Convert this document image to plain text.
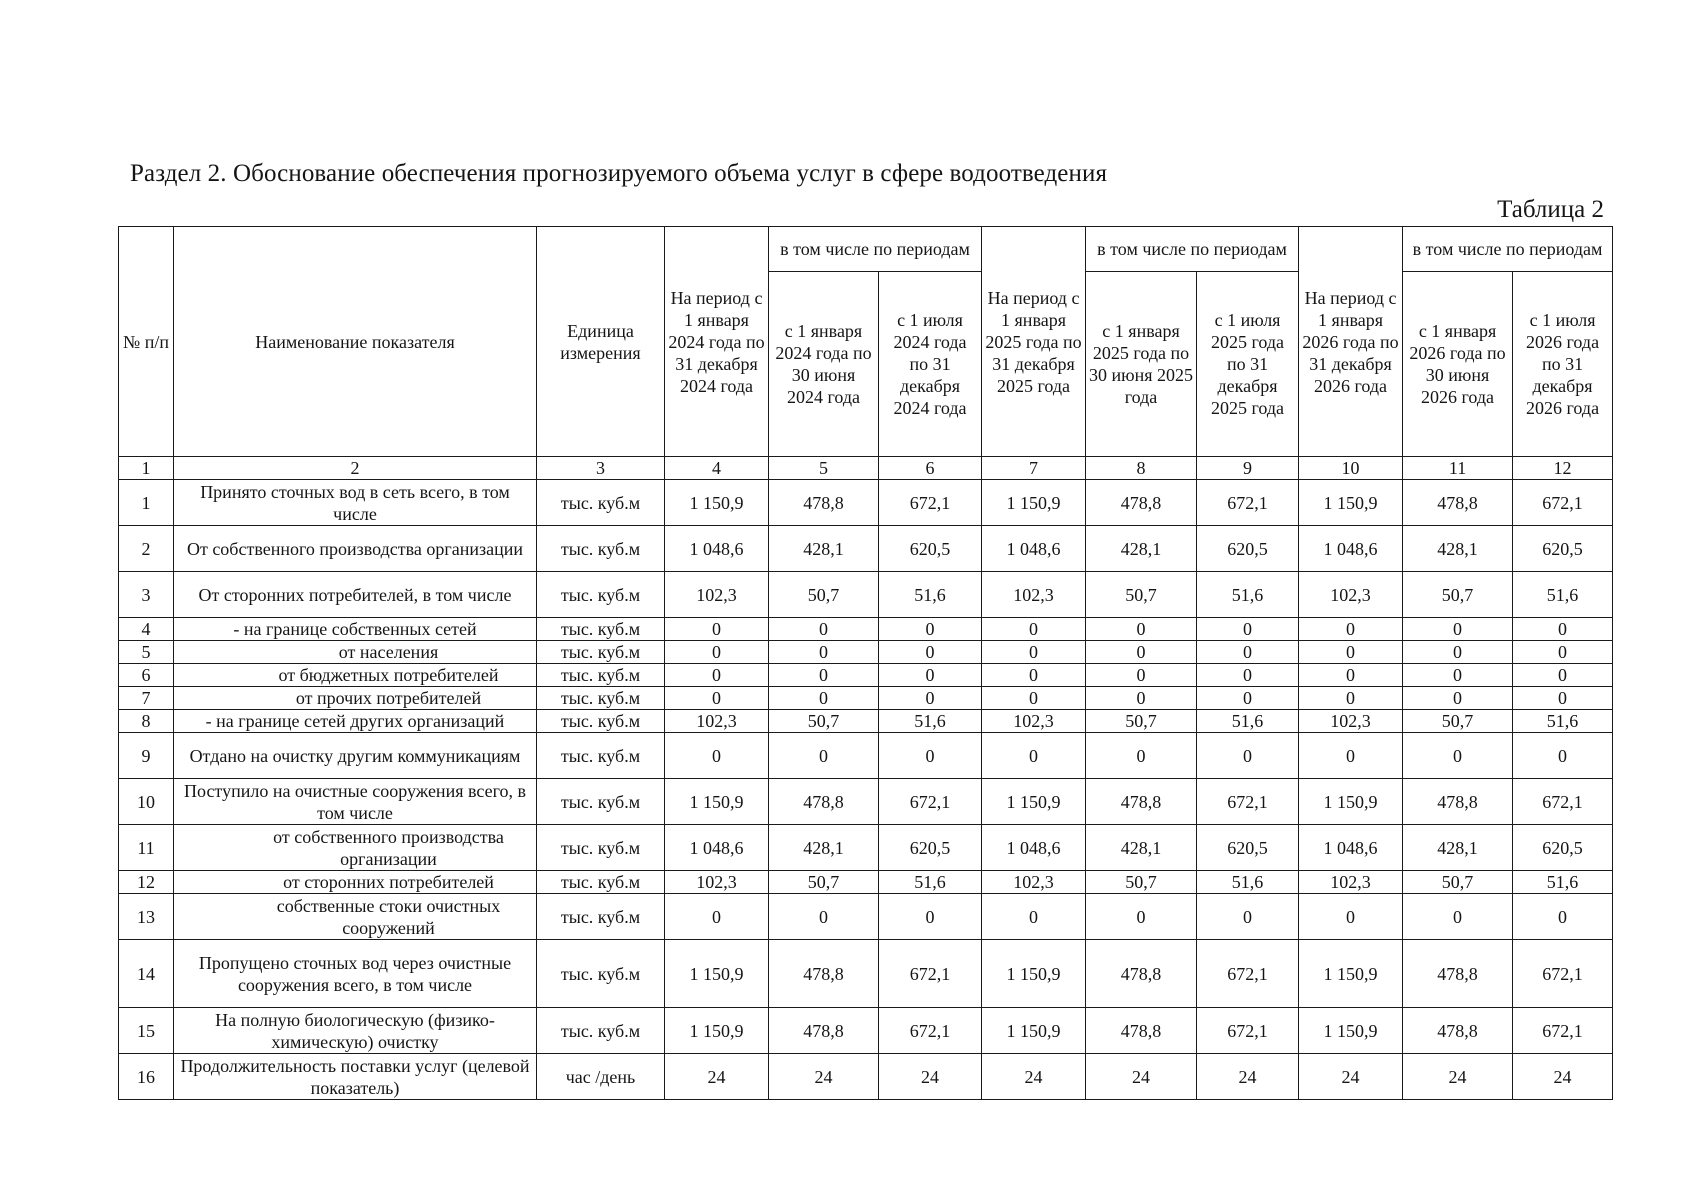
Раздел 2. Обоснование обеспечения прогнозируемого объема услуг в сфере водоотведения
Таблица 2
№ п/п	Наименование показателя	Единица измерения	На период с 1 января 2024 года по 31 декабря 2024 года	в том числе по периодам		На период с 1 января 2025 года по 31 декабря 2025 года	в том числе по периодам		На период с 1 января 2026 года по 31 декабря 2026 года	в том числе по периодам	
				с 1 января 2024 года по 30 июня 2024 года	с 1 июля 2024 года по 31 декабря 2024 года		с 1 января 2025 года по 30 июня 2025 года	с 1 июля 2025 года по 31 декабря 2025 года		с 1 января 2026 года по 30 июня 2026 года	с 1 июля 2026 года по 31 декабря 2026 года
1	2	3	4	5	6	7	8	9	10	11	12
1	Принято сточных вод в сеть всего, в том числе	тыс. куб.м	1 150,9	478,8	672,1	1 150,9	478,8	672,1	1 150,9	478,8	672,1
2	От собственного производства организации	тыс. куб.м	1 048,6	428,1	620,5	1 048,6	428,1	620,5	1 048,6	428,1	620,5
3	От сторонних потребителей, в том числе	тыс. куб.м	102,3	50,7	51,6	102,3	50,7	51,6	102,3	50,7	51,6
4	- на границе собственных сетей	тыс. куб.м	0	0	0	0	0	0	0	0	0
5	от населения	тыс. куб.м	0	0	0	0	0	0	0	0	0
6	от бюджетных потребителей	тыс. куб.м	0	0	0	0	0	0	0	0	0
7	от прочих потребителей	тыс. куб.м	0	0	0	0	0	0	0	0	0
8	- на границе сетей других организаций	тыс. куб.м	102,3	50,7	51,6	102,3	50,7	51,6	102,3	50,7	51,6
9	Отдано на очистку другим коммуникациям	тыс. куб.м	0	0	0	0	0	0	0	0	0
10	Поступило на очистные сооружения всего, в том числе	тыс. куб.м	1 150,9	478,8	672,1	1 150,9	478,8	672,1	1 150,9	478,8	672,1
11	от собственного производства организации	тыс. куб.м	1 048,6	428,1	620,5	1 048,6	428,1	620,5	1 048,6	428,1	620,5
12	от сторонних потребителей	тыс. куб.м	102,3	50,7	51,6	102,3	50,7	51,6	102,3	50,7	51,6
13	собственные стоки очистных сооружений	тыс. куб.м	0	0	0	0	0	0	0	0	0
14	Пропущено сточных вод через очистные сооружения всего, в том числе	тыс. куб.м	1 150,9	478,8	672,1	1 150,9	478,8	672,1	1 150,9	478,8	672,1
15	На полную биологическую (физико-химическую) очистку	тыс. куб.м	1 150,9	478,8	672,1	1 150,9	478,8	672,1	1 150,9	478,8	672,1
16	Продолжительность поставки услуг (целевой показатель)	час /день	24	24	24	24	24	24	24	24	24
